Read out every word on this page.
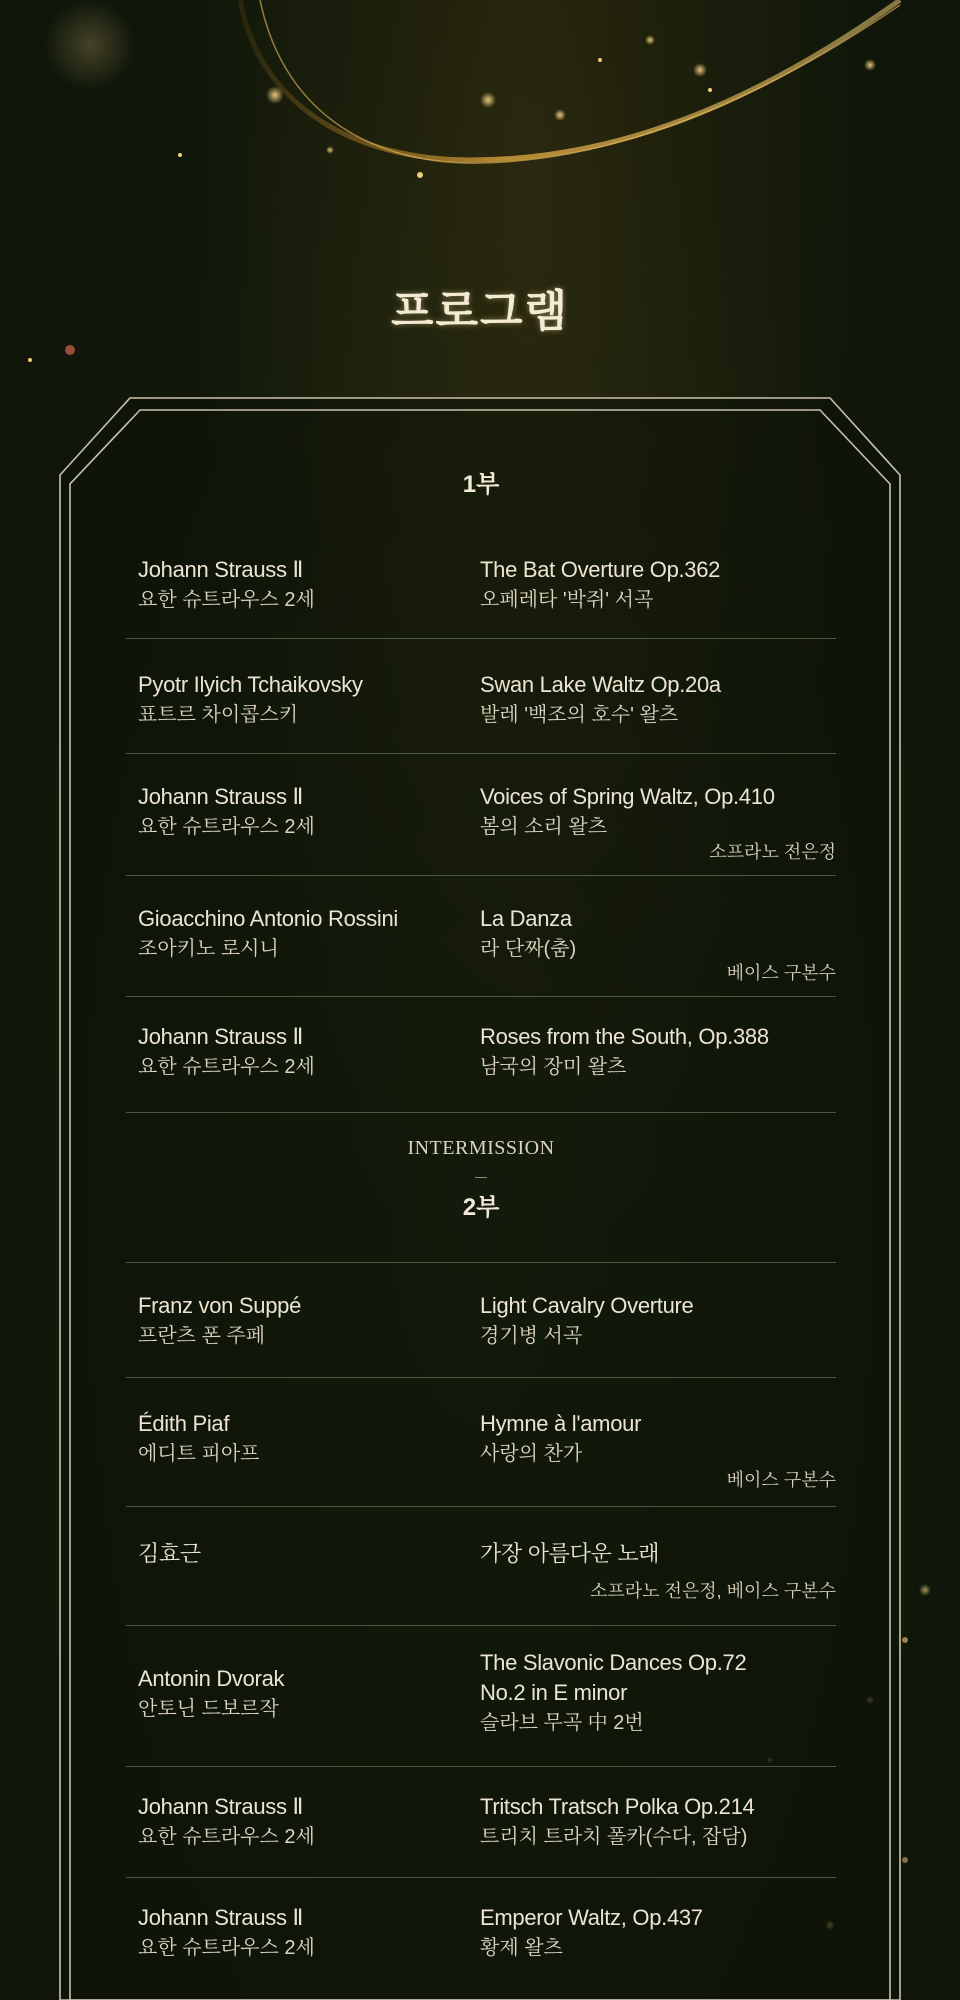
프로그램
1부
Johann Strauss Ⅱ
요한 슈트라우스 2세
The Bat Overture Op.362
오페레타 '박쥐' 서곡
Pyotr Ilyich Tchaikovsky
표트르 차이콥스키
Swan Lake Waltz Op.20a
발레 '백조의 호수' 왈츠
Johann Strauss Ⅱ
요한 슈트라우스 2세
Voices of Spring Waltz, Op.410
봄의 소리 왈츠
소프라노 전은정
Gioacchino Antonio Rossini
조아키노 로시니
La Danza
라 단짜(춤)
베이스 구본수
Johann Strauss Ⅱ
요한 슈트라우스 2세
Roses from the South, Op.388
남국의 장미 왈츠
INTERMISSION
2부
Franz von Suppé
프란츠 폰 주페
Light Cavalry Overture
경기병 서곡
Édith Piaf
에디트 피아프
Hymne à l'amour
사랑의 찬가
베이스 구본수
김효근	가장 아름다운 노래
소프라노 전은정, 베이스 구본수
Antonin Dvorak
안토닌 드보르작
The Slavonic Dances Op.72
No.2 in E minor
슬라브 무곡 中 2번
Johann Strauss Ⅱ
요한 슈트라우스 2세
Tritsch Tratsch Polka Op.214
트리치 트라치 폴카(수다, 잡담)
Johann Strauss Ⅱ
요한 슈트라우스 2세
Emperor Waltz, Op.437
황제 왈츠
